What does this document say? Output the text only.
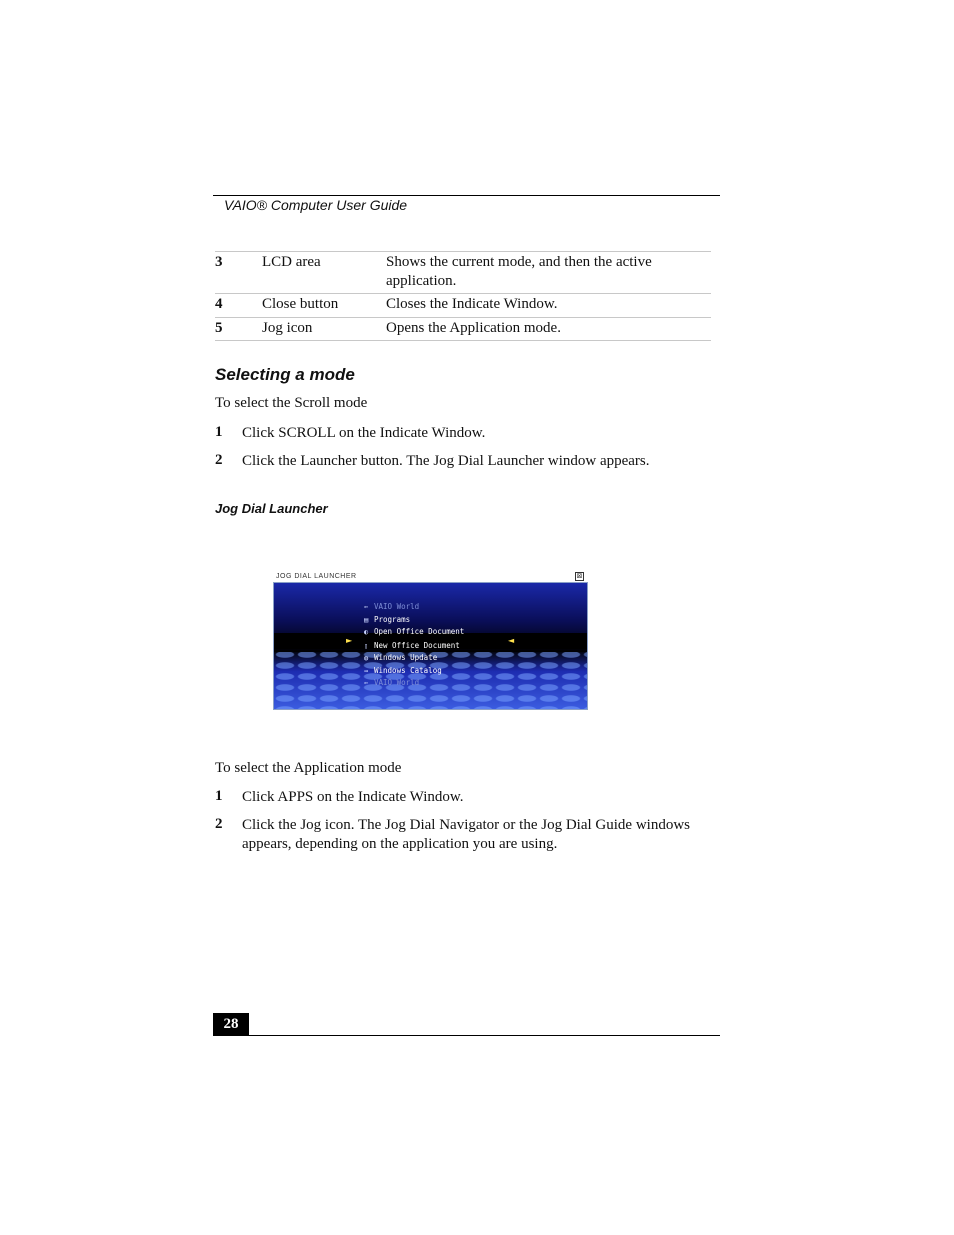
VAIO® Computer User Guide
3	LCD area	Shows the current mode, and then the active application.
4	Close button	Closes the Indicate Window.
5	Jog icon	Opens the Application mode.
Selecting a mode
To select the Scroll mode
1 Click SCROLL on the Indicate Window.
2 Click the Launcher button. The Jog Dial Launcher window appears.
Jog Dial Launcher
JOG DIAL LAUNCHER	⊠
►	◄
⇐ VAIO World
▤ Programs
◐ Open Office Document
▯ New Office Document
◍ Windows Update
⇛ Windows Catalog
⇐ VAIO World
To select the Application mode
1 Click APPS on the Indicate Window.
2 Click the Jog icon. The Jog Dial Navigator or the Jog Dial Guide windows appears, depending on the application you are using.
28
